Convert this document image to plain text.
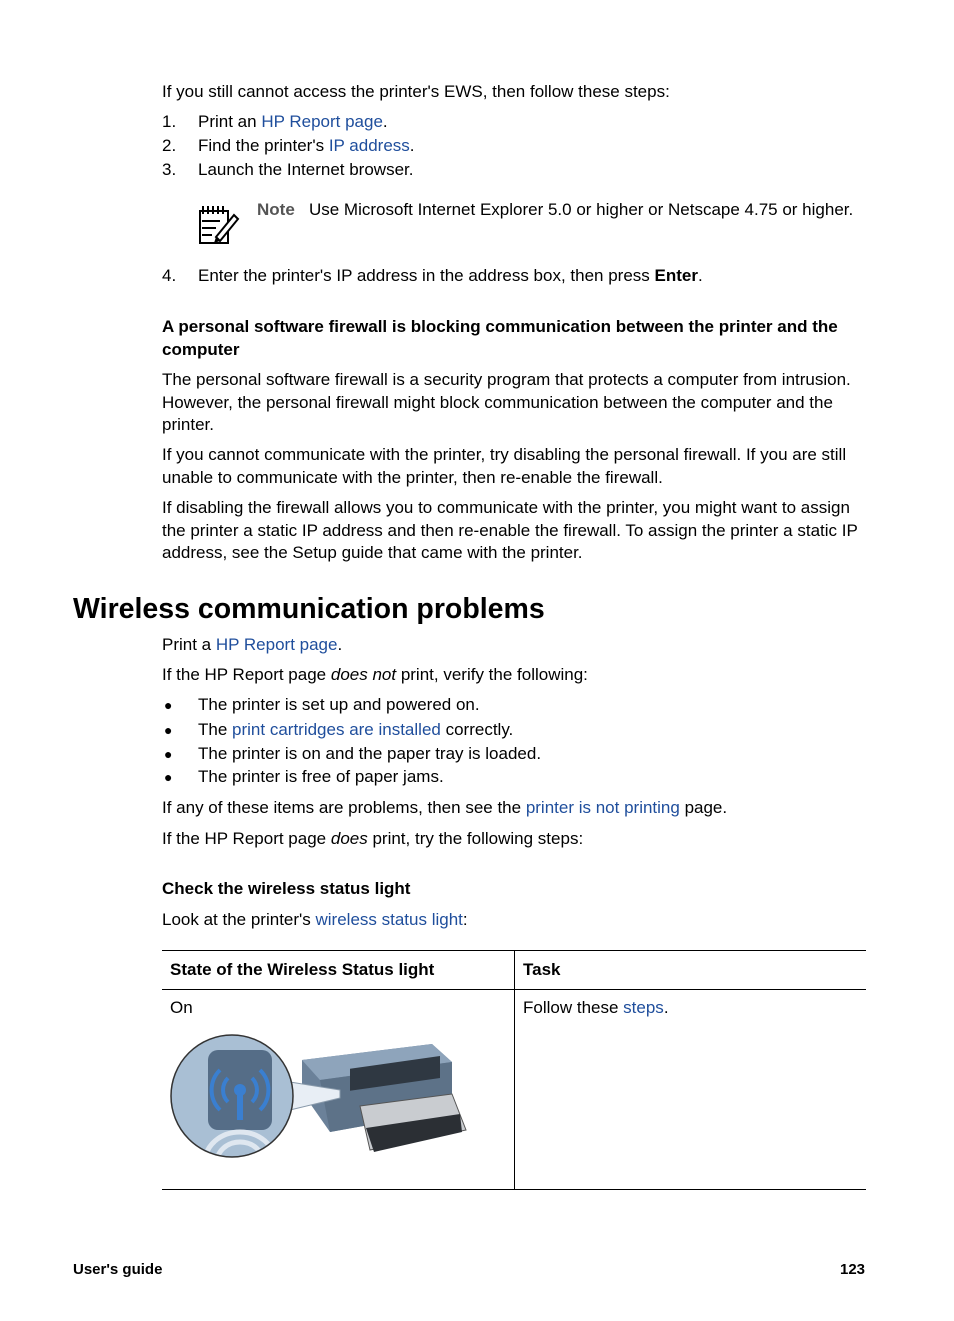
If you still cannot access the printer's EWS, then follow these steps:

1. Print an HP Report page.
2. Find the printer's IP address.
3. Launch the Internet browser.

Note Use Microsoft Internet Explorer 5.0 or higher or Netscape 4.75 or higher.

4. Enter the printer's IP address in the address box, then press Enter.
A personal software firewall is blocking communication between the printer and the computer

The personal software firewall is a security program that protects a computer from intrusion. However, the personal firewall might block communication between the computer and the printer.

If you cannot communicate with the printer, try disabling the personal firewall. If you are still unable to communicate with the printer, then re-enable the firewall.

If disabling the firewall allows you to communicate with the printer, you might want to assign the printer a static IP address and then re-enable the firewall. To assign the printer a static IP address, see the Setup guide that came with the printer.

Wireless communication problems

Print a HP Report page.

If the HP Report page does not print, verify the following:

● The printer is set up and powered on.
● The print cartridges are installed correctly.
● The printer is on and the paper tray is loaded.
● The printer is free of paper jams.

If any of these items are problems, then see the printer is not printing page.

If the HP Report page does print, try the following steps:

Check the wireless status light

Look at the printer's wireless status light:

State of the Wireless Status light	Task

On	Follow these steps.
User's guide	123
